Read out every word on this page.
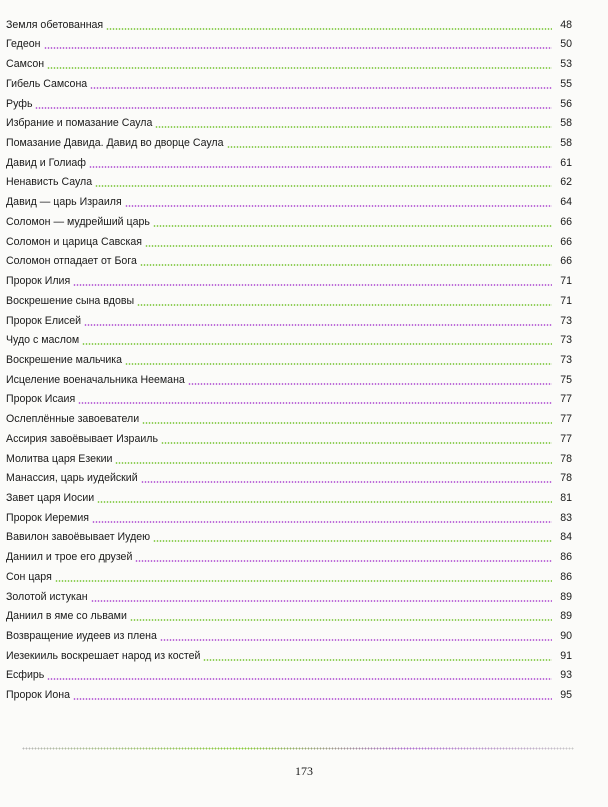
Земля обетованная	48
Гедеон	50
Самсон	53
Гибель Самсона	55
Руфь	56
Избрание и помазание Саула	58
Помазание Давида. Давид во дворце Саула	58
Давид и Голиаф	61
Ненависть Саула	62
Давид — царь Израиля	64
Соломон — мудрейший царь	66
Соломон и царица Савская	66
Соломон отпадает от Бога	66
Пророк Илия	71
Воскрешение сына вдовы	71
Пророк Елисей	73
Чудо с маслом	73
Воскрешение мальчика	73
Исцеление военачальника Неемана	75
Пророк Исаия	77
Ослеплённые завоеватели	77
Ассирия завоёвывает Израиль	77
Молитва царя Езекии	78
Манассия, царь иудейский	78
Завет царя Иосии	81
Пророк Иеремия	83
Вавилон завоёвывает Иудею	84
Даниил и трое его друзей	86
Сон царя	86
Золотой истукан	89
Даниил в яме со львами	89
Возвращение иудеев из плена	90
Иезекииль воскрешает народ из костей	91
Есфирь	93
Пророк Иона	95
173
